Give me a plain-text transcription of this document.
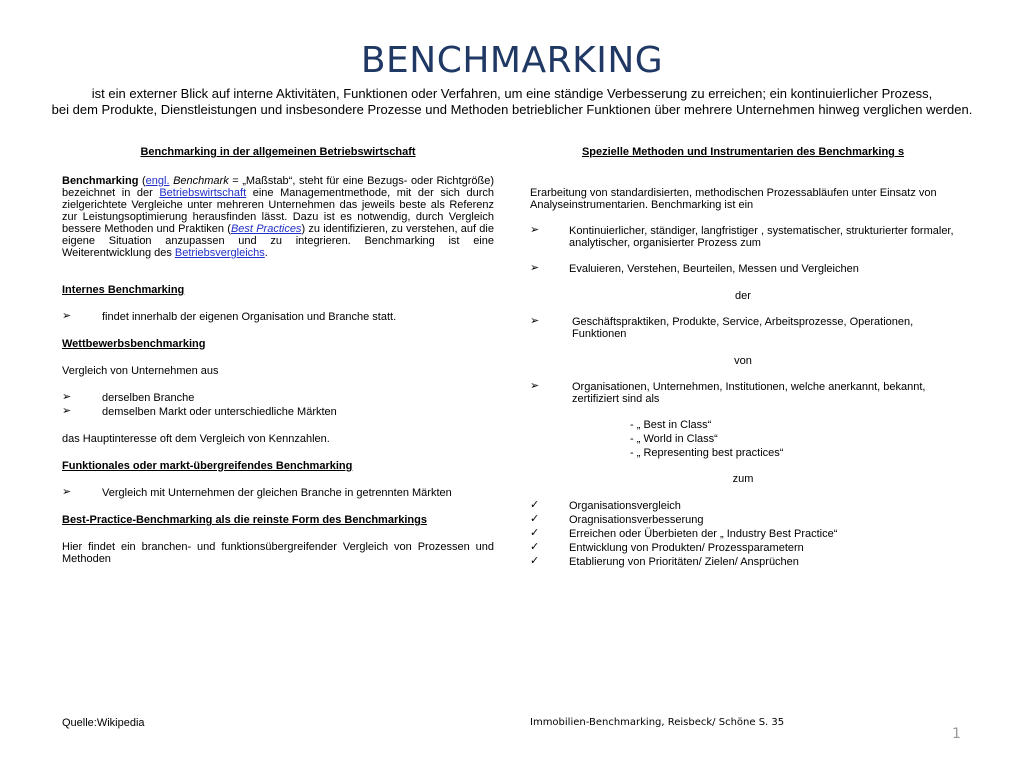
BENCHMARKING
ist ein externer Blick auf interne Aktivitäten, Funktionen oder Verfahren, um eine ständige Verbesserung zu erreichen; ein kontinuierlicher Prozess,
bei dem Produkte, Dienstleistungen und insbesondere Prozesse und Methoden betrieblicher Funktionen über mehrere Unternehmen hinweg verglichen werden.
Benchmarking in der allgemeinen Betriebswirtschaft
Benchmarking (engl. Benchmark = „Maßstab“, steht für eine Bezugs- oder Richtgröße) bezeichnet in der Betriebswirtschaft eine Managementmethode, mit der sich durch zielgerichtete Vergleiche unter mehreren Unternehmen das jeweils beste als Referenz zur Leistungsoptimierung herausfinden lässt. Dazu ist es notwendig, durch Vergleich bessere Methoden und Praktiken (Best Practices) zu identifizieren, zu verstehen, auf die eigene Situation anzupassen und zu integrieren. Benchmarking ist eine Weiterentwicklung des Betriebsvergleichs.
Internes Benchmarking
➢	findet innerhalb der eigenen Organisation und Branche statt.
Wettbewerbsbenchmarking
Vergleich von Unternehmen aus
➢	derselben Branche
➢	demselben Markt oder unterschiedliche Märkten
das Hauptinteresse oft dem Vergleich von Kennzahlen.
Funktionales oder markt-übergreifendes Benchmarking
➢	Vergleich mit Unternehmen der gleichen Branche in getrennten Märkten
Best-Practice-Benchmarking als die reinste Form des Benchmarkings
Hier findet ein branchen- und funktionsübergreifender Vergleich von Prozessen und Methoden
Spezielle Methoden und Instrumentarien des Benchmarking s
Erarbeitung von standardisierten, methodischen Prozessabläufen unter Einsatz von Analyseinstrumentarien. Benchmarking ist ein
➢	Kontinuierlicher, ständiger, langfristiger , systematischer, strukturierter formaler, analytischer, organisierter Prozess zum
➢	Evaluieren, Verstehen, Beurteilen, Messen und Vergleichen
der
➢	Geschäftspraktiken, Produkte, Service, Arbeitsprozesse, Operationen, Funktionen
von
➢	Organisationen, Unternehmen, Institutionen, welche anerkannt, bekannt, zertifiziert sind als
- „ Best in Class“
- „ World in Class“
- „ Representing best practices“
zum
✓	Organisationsvergleich
✓	Oragnisationsverbesserung
✓	Erreichen oder Überbieten der „ Industry Best Practice“
✓	Entwicklung von Produkten/ Prozessparametern
✓	Etablierung von Prioritäten/ Zielen/ Ansprüchen
Quelle:Wikipedia	Immobilien-Benchmarking, Reisbeck/ Schöne S. 35
1
